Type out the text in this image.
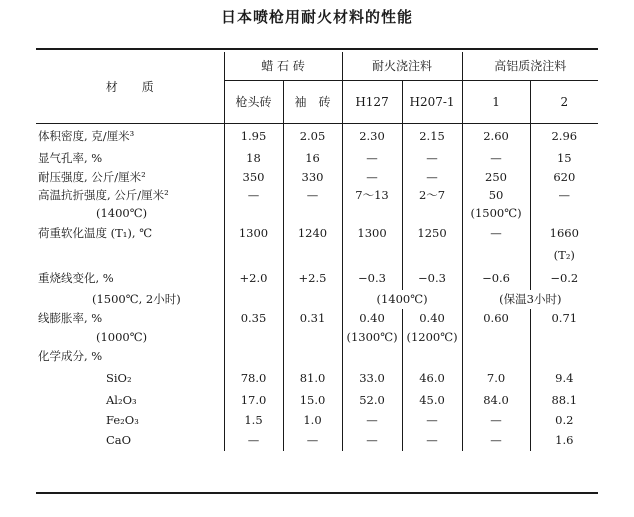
日本喷枪用耐火材料的性能
材　　质	蜡 石 砖		耐火浇注料		高铝质浇注料	
	枪头砖	袖　砖	H127	H207-1	1	2
体积密度, 克/厘米³	1.95	2.05	2.30	2.15	2.60	2.96
显气孔率, %	18	16	—	—	—	15
耐压强度, 公斤/厘米²	350	330	—	—	250	620
高温抗折强度, 公斤/厘米²	—	—	7～13	2～7	50	—
(1400℃)					(1500℃)	
荷重软化温度 (T₁), ℃	1300	1240	1300	1250	—	1660
						(T₂)
重烧线变化, %	+2.0	+2.5	−0.3	−0.3	−0.6	−0.2
(1500℃, 2小时)			(1400℃)		(保温3小时)	
线膨胀率, %	0.35	0.31	0.40	0.40	0.60	0.71
(1000℃)			(1300℃)	(1200℃)		
化学成分, %						
SiO₂	78.0	81.0	33.0	46.0	7.0	9.4
Al₂O₃	17.0	15.0	52.0	45.0	84.0	88.1
Fe₂O₃	1.5	1.0	—	—	—	0.2
CaO	—	—	—	—	—	1.6
